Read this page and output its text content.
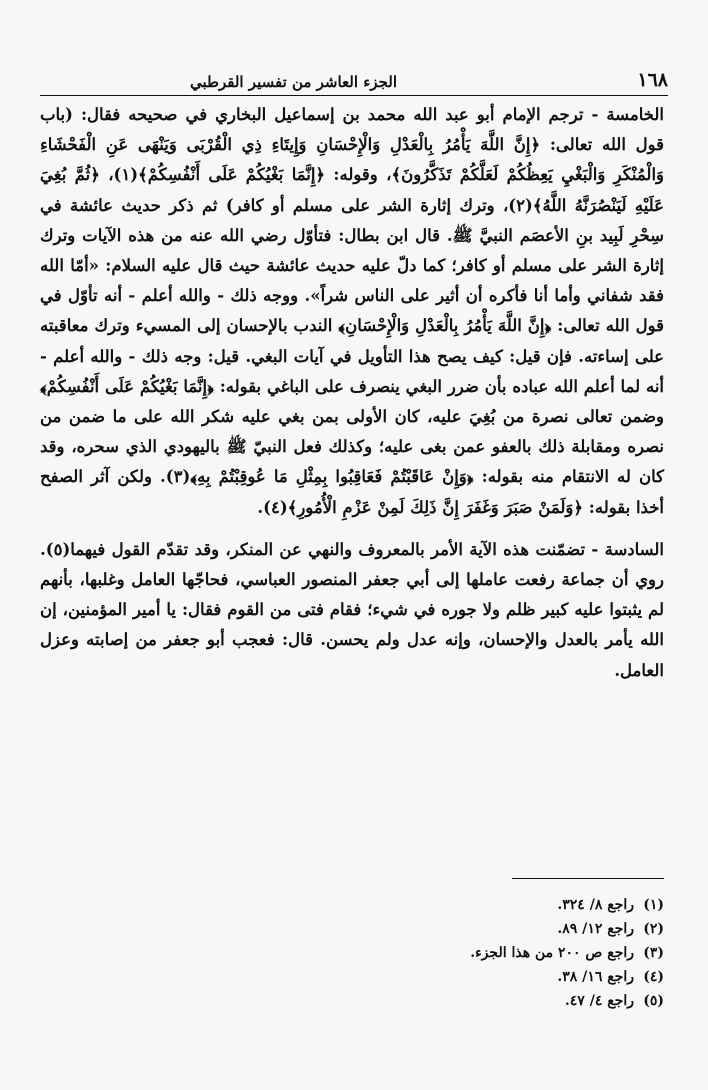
١٦٨
الجزء العاشر من تفسير القرطبي

الخامسة - ترجم الإمام أبو عبد الله محمد بن إسماعيل البخاري في صحيحه فقال: (باب قول الله تعالى: ﴿إِنَّ اللَّهَ يَأْمُرُ بِالْعَدْلِ وَالْإِحْسَانِ وَإِيتَاءِ ذِي الْقُرْبَى وَيَنْهَى عَنِ الْفَحْشَاءِ وَالْمُنْكَرِ وَالْبَغْيِ يَعِظُكُمْ لَعَلَّكُمْ تَذَكَّرُونَ﴾، وقوله: ﴿إِنَّمَا بَغْيُكُمْ عَلَى أَنْفُسِكُمْ﴾(١)، ﴿ثُمَّ بُغِيَ عَلَيْهِ لَيَنْصُرَنَّهُ اللَّهُ﴾(٢)، وترك إثارة الشر على مسلم أو كافر) ثم ذكر حديث عائشة في سِحْرِ لَبِيد بنِ الأعصَم النبيَّ ﷺ. قال ابن بطال: فتأوّل رضي الله عنه من هذه الآيات وترك إثارة الشر على مسلم أو كافر؛ كما دلّ عليه حديث عائشة حيث قال عليه السلام: «أمّا الله فقد شفاني وأما أنا فأكره أن أثير على الناس شراً». ووجه ذلك - والله أعلم - أنه تأوّل في قول الله تعالى: ﴿إِنَّ اللَّهَ يَأْمُرُ بِالْعَدْلِ وَالْإِحْسَانِ﴾ الندب بالإحسان إلى المسيء وترك معاقبته على إساءته. فإن قيل: كيف يصح هذا التأويل في آيات البغي. قيل: وجه ذلك - والله أعلم - أنه لما أعلم الله عباده بأن ضرر البغي ينصرف على الباغي بقوله: ﴿إِنَّمَا بَغْيُكُمْ عَلَى أَنْفُسِكُمْ﴾ وضمن تعالى نصرة من بُغِيَ عليه، كان الأولى بمن بغي عليه شكر الله على ما ضمن من نصره ومقابلة ذلك بالعفو عمن بغى عليه؛ وكذلك فعل النبيّ ﷺ باليهودي الذي سحره، وقد كان له الانتقام منه بقوله: ﴿وَإِنْ عَاقَبْتُمْ فَعَاقِبُوا بِمِثْلِ مَا عُوقِبْتُمْ بِهِ﴾(٣). ولكن آثر الصفح أخذا بقوله: ﴿وَلَمَنْ صَبَرَ وَغَفَرَ إِنَّ ذَلِكَ لَمِنْ عَزْمِ الْأُمُورِ﴾(٤).

السادسة - تضمّنت هذه الآية الأمر بالمعروف والنهي عن المنكر، وقد تقدّم القول فيهما(٥). روي أن جماعة رفعت عاملها إلى أبي جعفر المنصور العباسي، فحاجّها العامل وغلبها، بأنهم لم يثبتوا عليه كبير ظلم ولا جوره في شيء؛ فقام فتى من القوم فقال: يا أمير المؤمنين، إن الله يأمر بالعدل والإحسان، وإنه عدل ولم يحسن. قال: فعجب أبو جعفر من إصابته وعزل العامل.

(١)راجع ٨/ ٣٢٤.
(٢)راجع ١٢/ ٨٩.
(٣)راجع ص ٢٠٠ من هذا الجزء.
(٤)راجع ١٦/ ٣٨.
(٥)راجع ٤/ ٤٧.
